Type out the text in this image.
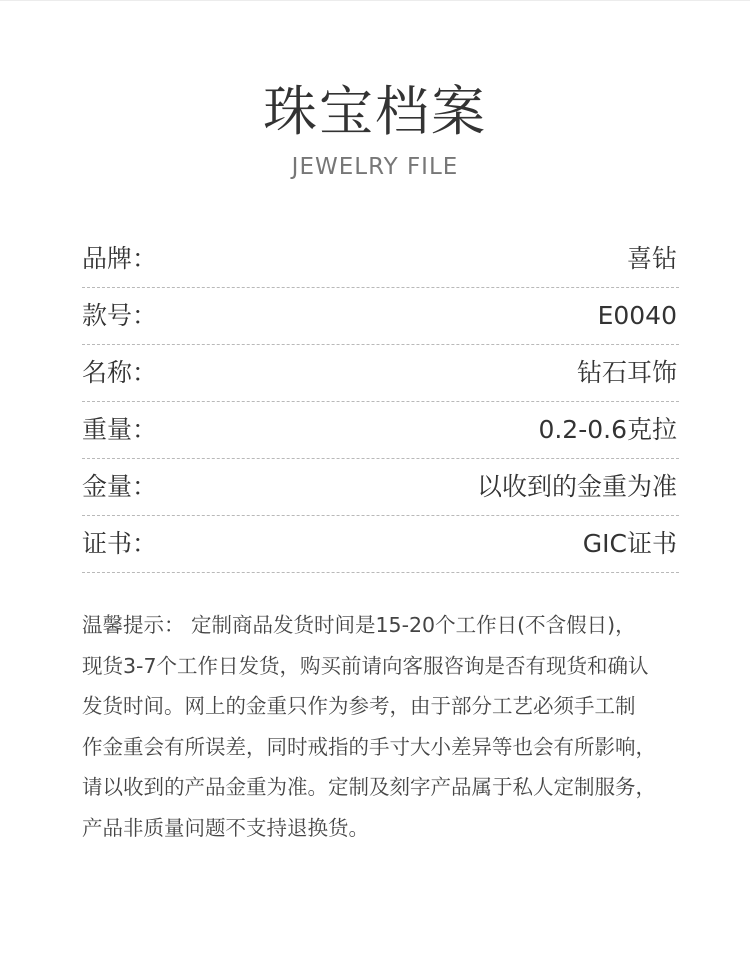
珠宝档案
JEWELRY FILE
品牌：	喜钻
款号：	E0040
名称：	钻石耳饰
重量：	0.2-0.6克拉
金量：	以收到的金重为准
证书：	GIC证书
温馨提示： 定制商品发货时间是15-20个工作日(不含假日)，
现货3-7个工作日发货，购买前请向客服咨询是否有现货和确认
发货时间。网上的金重只作为参考，由于部分工艺必须手工制
作金重会有所误差，同时戒指的手寸大小差异等也会有所影响，
请以收到的产品金重为准。定制及刻字产品属于私人定制服务，
产品非质量问题不支持退换货。
